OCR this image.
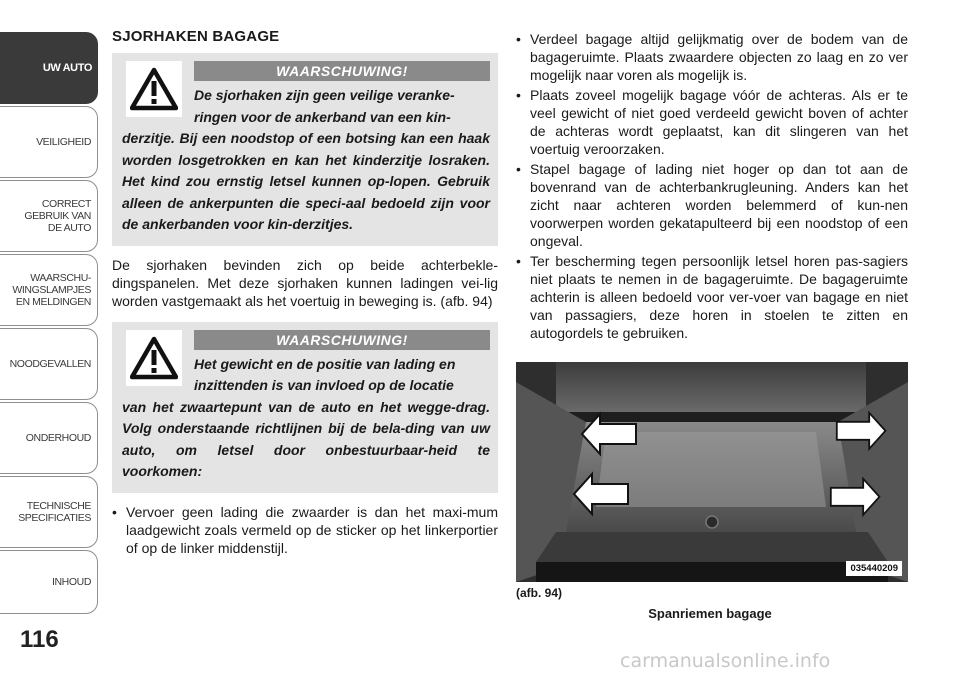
UW AUTO
VEILIGHEID
CORRECT
GEBRUIK VAN
DE AUTO
WAARSCHU-
WINGSLAMPJES
EN MELDINGEN
NOODGEVALLEN
ONDERHOUD
TECHNISCHE
SPECIFICATIES
INHOUD
116
SJORHAKEN BAGAGE
WAARSCHUWING!
De sjorhaken zijn geen veilige veranke-
ringen voor de ankerband van een kin-
derzitje. Bij een noodstop of een botsing kan een haak worden losgetrokken en kan het kinderzitje losraken. Het kind zou ernstig letsel kunnen op-lopen. Gebruik alleen de ankerpunten die speci-aal bedoeld zijn voor de ankerbanden voor kin-derzitjes.

De sjorhaken bevinden zich op beide achterbekle-dingspanelen. Met deze sjorhaken kunnen ladingen vei-lig worden vastgemaakt als het voertuig in beweging is. (afb. 94)

WAARSCHUWING!
Het gewicht en de positie van lading en
inzittenden is van invloed op de locatie
van het zwaartepunt van de auto en het wegge-drag. Volg onderstaande richtlijnen bij de bela-ding van uw auto, om letsel door onbestuurbaar-heid te voorkomen:
• Vervoer geen lading die zwaarder is dan het maxi-mum laadgewicht zoals vermeld op de sticker op het linkerportier of op de linker middenstijl.
• Verdeel bagage altijd gelijkmatig over de bodem van de bagageruimte. Plaats zwaardere objecten zo laag en zo ver mogelijk naar voren als mogelijk is.
• Plaats zoveel mogelijk bagage vóór de achteras. Als er te veel gewicht of niet goed verdeeld gewicht boven of achter de achteras wordt geplaatst, kan dit slingeren van het voertuig veroorzaken.
• Stapel bagage of lading niet hoger op dan tot aan de bovenrand van de achterbankrugleuning. Anders kan het zicht naar achteren worden belemmerd of kun-nen voorwerpen worden gekatapulteerd bij een noodstop of een ongeval.
• Ter bescherming tegen persoonlijk letsel horen pas-sagiers niet plaats te nemen in de bagageruimte. De bagageruimte achterin is alleen bedoeld voor ver-voer van bagage en niet van passagiers, deze horen in stoelen te zitten en autogordels te gebruiken.
035440209
(afb. 94)
Spanriemen bagage
carmanualsonline.info
